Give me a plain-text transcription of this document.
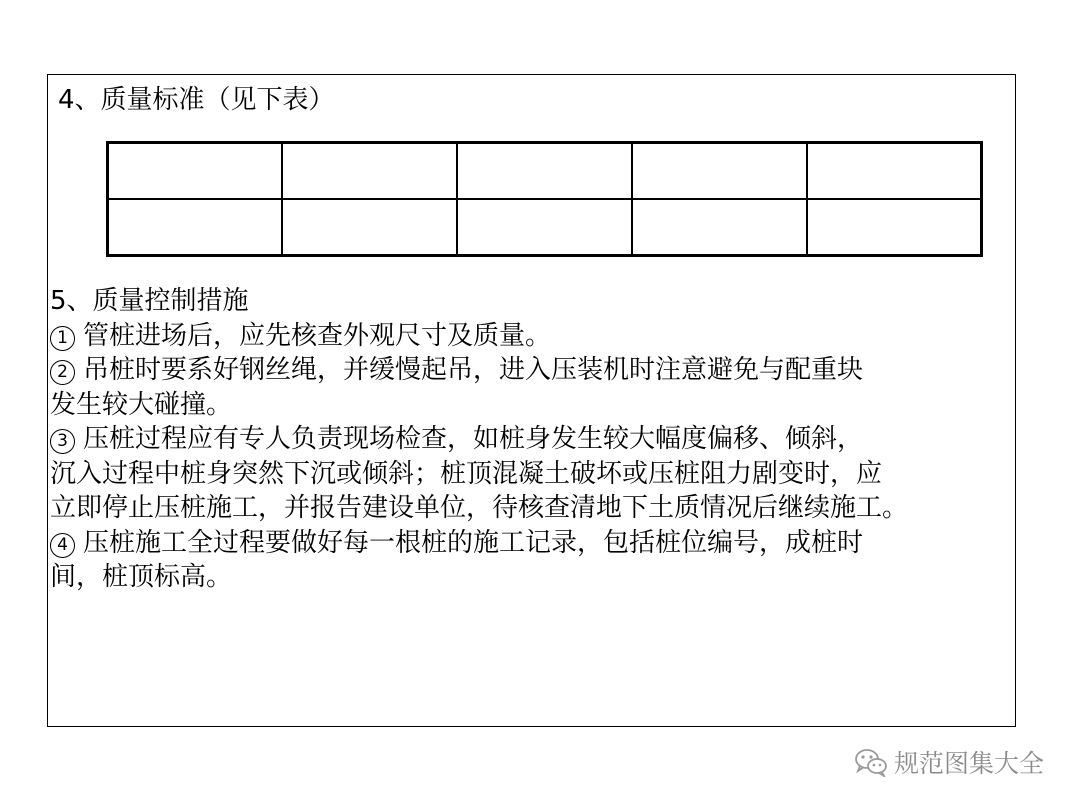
4、质量标准（见下表）

5、质量控制措施
1 管桩进场后，应先核查外观尺寸及质量。
2 吊桩时要系好钢丝绳，并缓慢起吊，进入压装机时注意避免与配重块
发生较大碰撞。
3 压桩过程应有专人负责现场检查，如桩身发生较大幅度偏移、倾斜，
沉入过程中桩身突然下沉或倾斜；桩顶混凝土破坏或压桩阻力剧变时，应
立即停止压桩施工，并报告建设单位，待核查清地下土质情况后继续施工。
4 压桩施工全过程要做好每一根桩的施工记录，包括桩位编号，成桩时
间，桩顶标高。
规范图集大全
